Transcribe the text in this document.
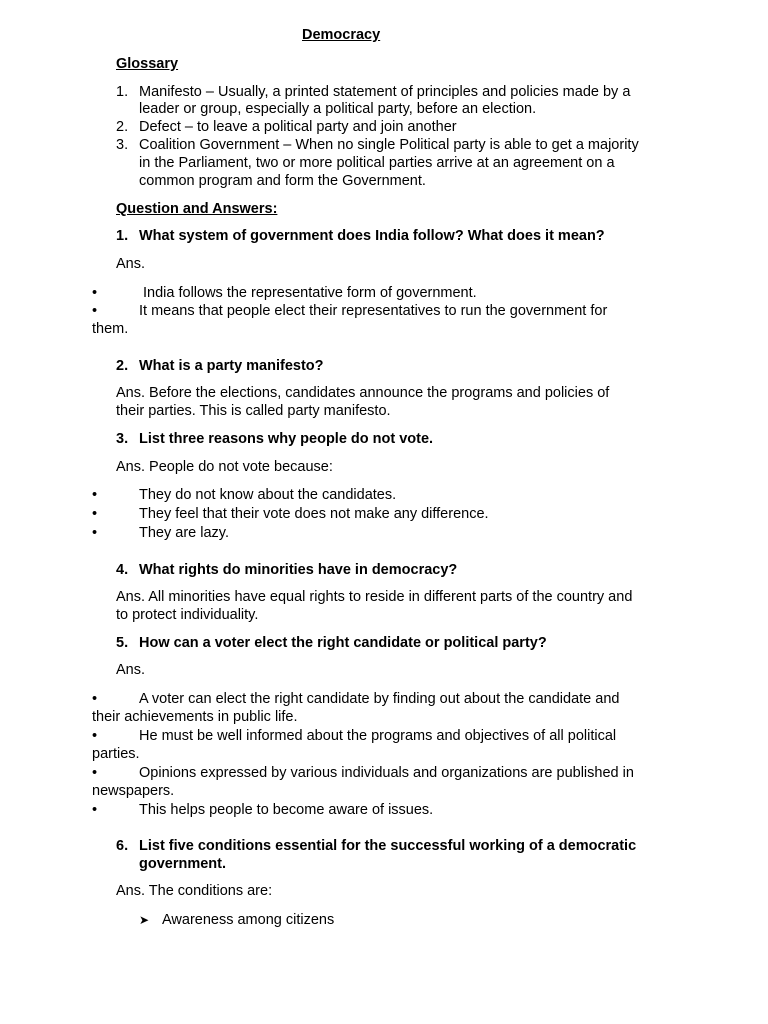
Democracy
Glossary
1. Manifesto – Usually, a printed statement of principles and policies made by a
leader or group, especially a political party, before an election.
2. Defect – to leave a political party and join another
3. Coalition Government – When no single Political party is able to get a majority
in the Parliament, two or more political parties arrive at an agreement on a
common program and form the Government.
Question and Answers:
1. What system of government does India follow? What does it mean?
Ans.
•	India follows the representative form of government.
•	It means that people elect their representatives to run the government for
them.
2. What is a party manifesto?
Ans. Before the elections, candidates announce the programs and policies of
their parties. This is called party manifesto.
3. List three reasons why people do not vote.
Ans. People do not vote because:
•	They do not know about the candidates.
•	They feel that their vote does not make any difference.
•	They are lazy.
4. What rights do minorities have in democracy?
Ans. All minorities have equal rights to reside in different parts of the country and
to protect individuality.
5. How can a voter elect the right candidate or political party?
Ans.
•	A voter can elect the right candidate by finding out about the candidate and
their achievements in public life.
•	He must be well informed about the programs and objectives of all political
parties.
•	Opinions expressed by various individuals and organizations are published in
newspapers.
•	This helps people to become aware of issues.
6. List five conditions essential for the successful working of a democratic
government.
Ans. The conditions are:
➤ Awareness among citizens
